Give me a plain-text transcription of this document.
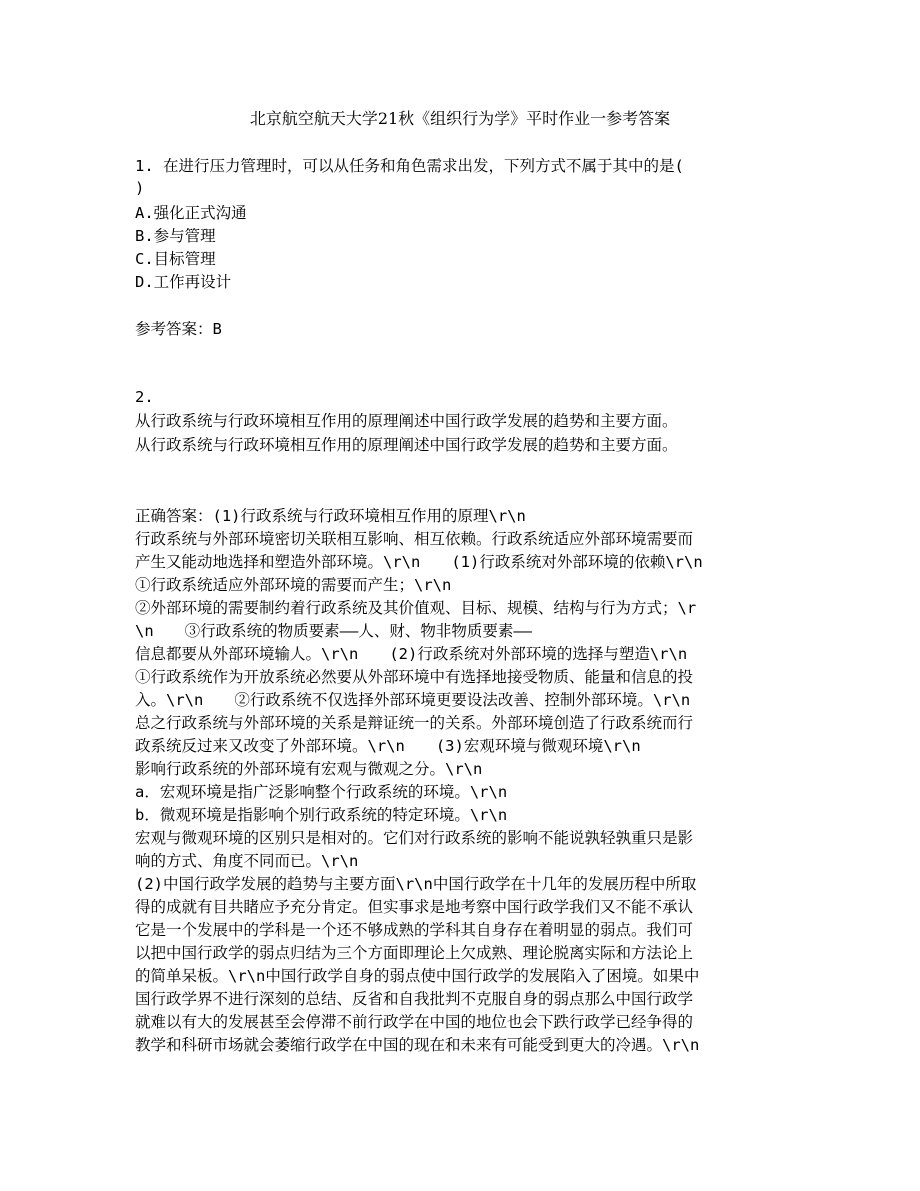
北京航空航天大学21秋《组织行为学》平时作业一参考答案
1. 在进行压力管理时，可以从任务和角色需求出发，下列方式不属于其中的是(
)
A.强化正式沟通
B.参与管理
C.目标管理
D.工作再设计
参考答案：B
2.
从行政系统与行政环境相互作用的原理阐述中国行政学发展的趋势和主要方面。
从行政系统与行政环境相互作用的原理阐述中国行政学发展的趋势和主要方面。
正确答案：(1)行政系统与行政环境相互作用的原理\r\n
行政系统与外部环境密切关联相互影响、相互依赖。行政系统适应外部环境需要而
产生又能动地选择和塑造外部环境。\r\n　　(1)行政系统对外部环境的依赖\r\n
①行政系统适应外部环境的需要而产生；\r\n
②外部环境的需要制约着行政系统及其价值观、目标、规模、结构与行为方式；\r
\n　　③行政系统的物质要素——人、财、物非物质要素——
信息都要从外部环境输人。\r\n　　(2)行政系统对外部环境的选择与塑造\r\n
①行政系统作为开放系统必然要从外部环境中有选择地接受物质、能量和信息的投
入。\r\n　　②行政系统不仅选择外部环境更要设法改善、控制外部环境。\r\n
总之行政系统与外部环境的关系是辩证统一的关系。外部环境创造了行政系统而行
政系统反过来又改变了外部环境。\r\n　　(3)宏观环境与微观环境\r\n
影响行政系统的外部环境有宏观与微观之分。\r\n
a．宏观环境是指广泛影响整个行政系统的环境。\r\n
b．微观环境是指影响个别行政系统的特定环境。\r\n
宏观与微观环境的区别只是相对的。它们对行政系统的影响不能说孰轻孰重只是影
响的方式、角度不同而已。\r\n
(2)中国行政学发展的趋势与主要方面\r\n中国行政学在十几年的发展历程中所取
得的成就有目共睹应予充分肯定。但实事求是地考察中国行政学我们又不能不承认
它是一个发展中的学科是一个还不够成熟的学科其自身存在着明显的弱点。我们可
以把中国行政学的弱点归结为三个方面即理论上欠成熟、理论脱离实际和方法论上
的简单呆板。\r\n中国行政学自身的弱点使中国行政学的发展陷入了困境。如果中
国行政学界不进行深刻的总结、反省和自我批判不克服自身的弱点那么中国行政学
就难以有大的发展甚至会停滞不前行政学在中国的地位也会下跌行政学已经争得的
教学和科研市场就会萎缩行政学在中国的现在和未来有可能受到更大的冷遇。\r\n
